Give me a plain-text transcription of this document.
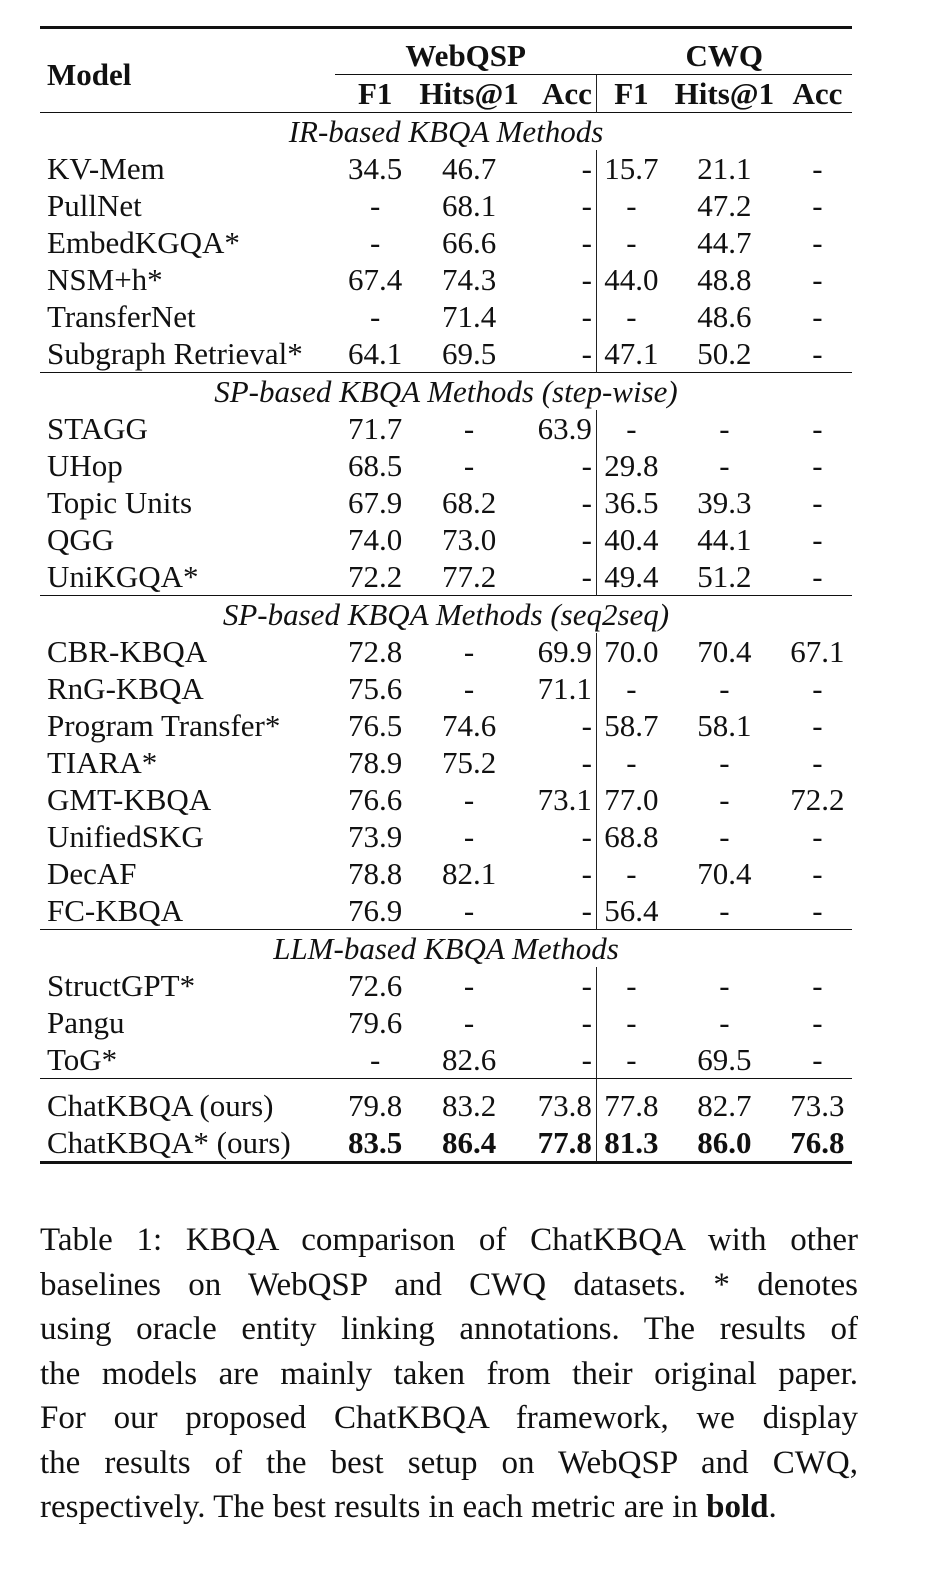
Model	WebQSP			CWQ		
	F1	Hits@1	Acc	F1	Hits@1	Acc
IR-based KBQA Methods						
KV-Mem	34.5	46.7	-	15.7	21.1	-
PullNet	-	68.1	-	-	47.2	-
EmbedKGQA*	-	66.6	-	-	44.7	-
NSM+h*	67.4	74.3	-	44.0	48.8	-
TransferNet	-	71.4	-	-	48.6	-
Subgraph Retrieval*	64.1	69.5	-	47.1	50.2	-
SP-based KBQA Methods (step-wise)						
STAGG	71.7	-	63.9	-	-	-
UHop	68.5	-	-	29.8	-	-
Topic Units	67.9	68.2	-	36.5	39.3	-
QGG	74.0	73.0	-	40.4	44.1	-
UniKGQA*	72.2	77.2	-	49.4	51.2	-
SP-based KBQA Methods (seq2seq)						
CBR-KBQA	72.8	-	69.9	70.0	70.4	67.1
RnG-KBQA	75.6	-	71.1	-	-	-
Program Transfer*	76.5	74.6	-	58.7	58.1	-
TIARA*	78.9	75.2	-	-	-	-
GMT-KBQA	76.6	-	73.1	77.0	-	72.2
UnifiedSKG	73.9	-	-	68.8	-	-
DecAF	78.8	82.1	-	-	70.4	-
FC-KBQA	76.9	-	-	56.4	-	-
LLM-based KBQA Methods						
StructGPT*	72.6	-	-	-	-	-
Pangu	79.6	-	-	-	-	-
ToG*	-	82.6	-	-	69.5	-
ChatKBQA (ours)	79.8	83.2	73.8	77.8	82.7	73.3
ChatKBQA* (ours)	83.5	86.4	77.8	81.3	86.0	76.8
Table 1: KBQA comparison of ChatKBQA with other
baselines on WebQSP and CWQ datasets. * denotes
using oracle entity linking annotations. The results of
the models are mainly taken from their original paper.
For our proposed ChatKBQA framework, we display
the results of the best setup on WebQSP and CWQ,
respectively. The best results in each metric are in bold.
